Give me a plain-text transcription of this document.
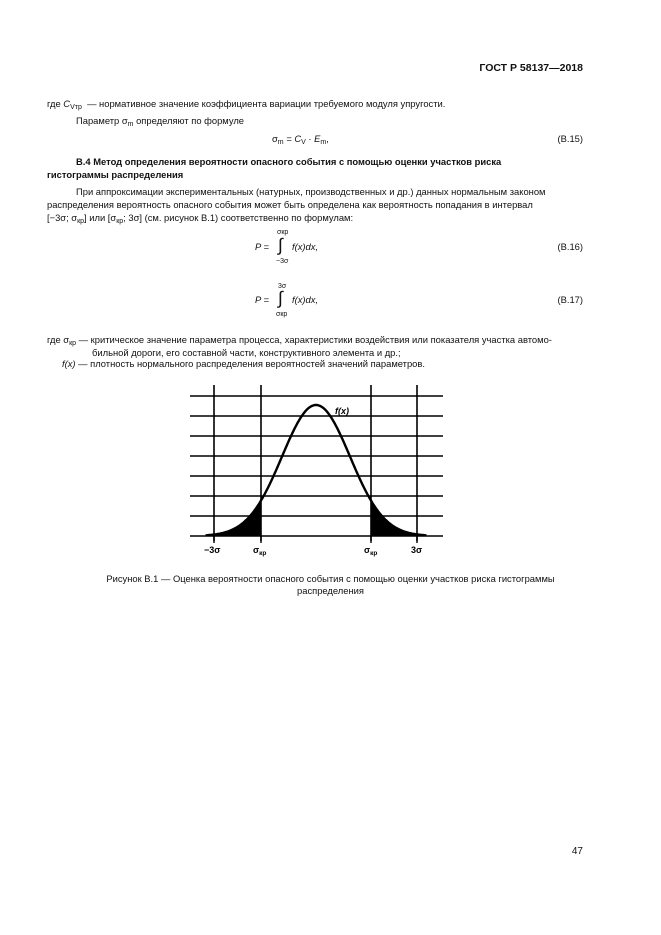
ГОСТ Р 58137—2018
где $C_{Vтр}$ — нормативное значение коэффициента вариации требуемого модуля упругости.
Параметр $\sigma_m$ определяют по формуле
$\sigma_m = C_V \cdot E_m$,	(B.15)
B.4 Метод определения вероятности опасного события с помощью оценки участков риска
гистограммы распределения
При аппроксимации экспериментальных (натурных, производственных и др.) данных нормальным законом
распределения вероятность опасного события может быть определена как вероятность попадания в интервал
[−3σ; $\sigma_{кр}$] или [$\sigma_{кр}$; 3σ] (см. рисунок В.1) соответственно по формулам:
P =
σкр
∫
−3σ
f(x)dx,	(B.16)
P =
3σ
∫
σкр
f(x)dx,	(B.17)
где $\sigma_{кр}$ — критическое значение параметра процесса, характеристики воздействия или показателя участка автомо-
бильной дороги, его составной части, конструктивного элемента и др.;
f(x) — плотность нормального распределения вероятностей значений параметров.
f(x)
−3σ	$\sigma_{кр}$	$\sigma_{кр}$	3σ
Рисунок В.1 — Оценка вероятности опасного события с помощью оценки участков риска гистограммы
распределения
47
